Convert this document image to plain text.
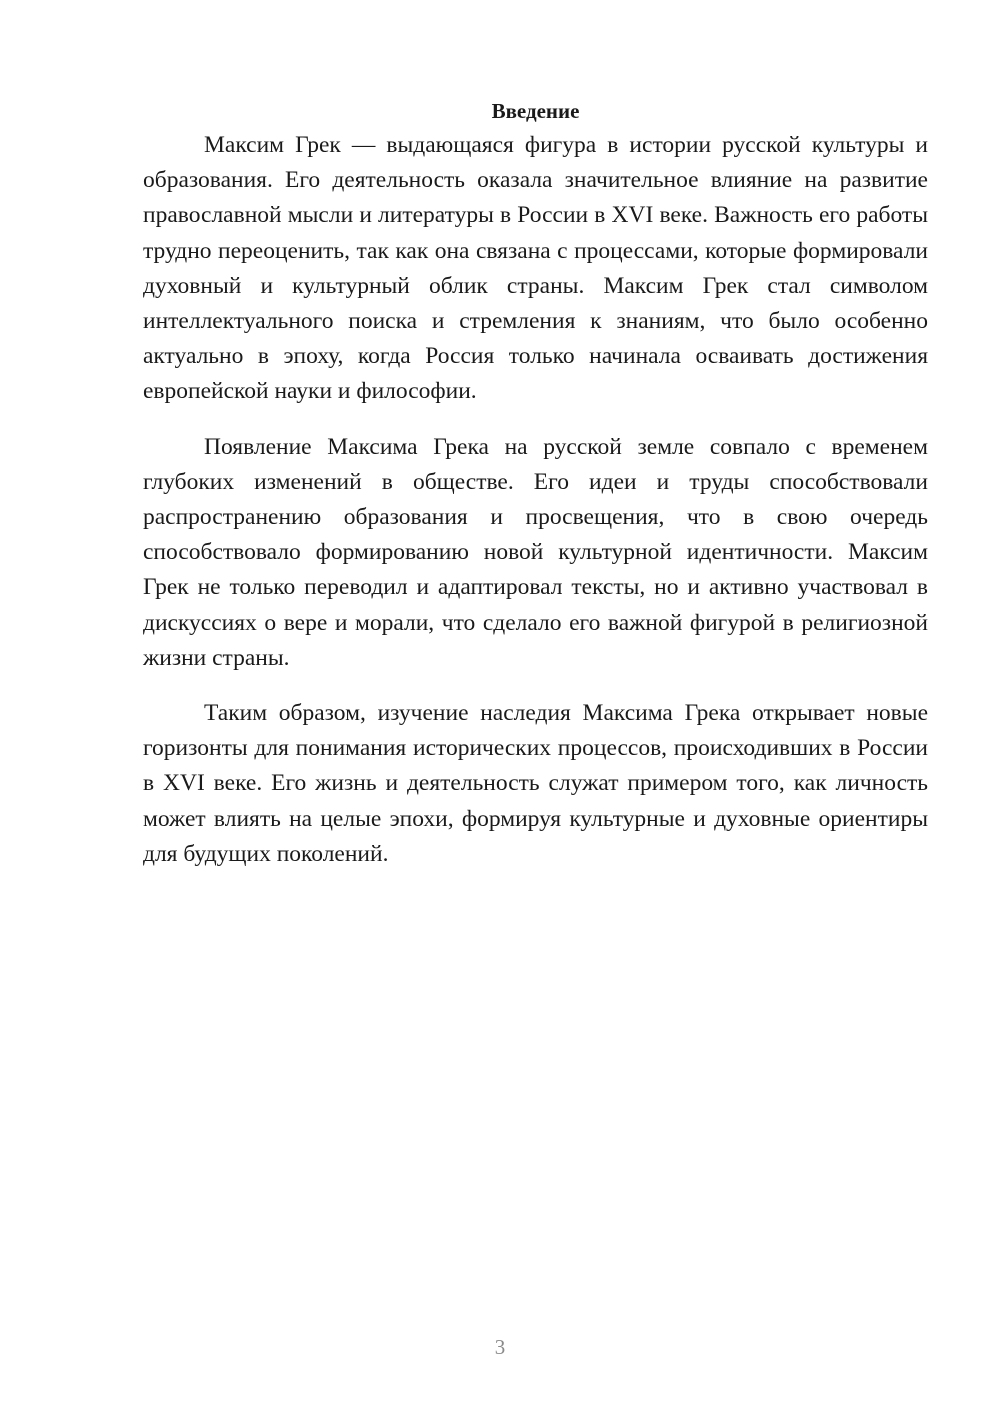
Введение

Максим Грек — выдающаяся фигура в истории русской культуры и образования. Его деятельность оказала значительное влияние на развитие православной мысли и литературы в России в XVI веке. Важность его работы трудно переоценить, так как она связана с процессами, которые формировали духовный и культурный облик страны. Максим Грек стал символом интеллектуального поиска и стремления к знаниям, что было особенно актуально в эпоху, когда Россия только начинала осваивать достижения европейской науки и философии.

Появление Максима Грека на русской земле совпало с временем глубоких изменений в обществе. Его идеи и труды способствовали распространению образования и просвещения, что в свою очередь способствовало формированию новой культурной идентичности. Максим Грек не только переводил и адаптировал тексты, но и активно участвовал в дискуссиях о вере и морали, что сделало его важной фигурой в религиозной жизни страны.

Таким образом, изучение наследия Максима Грека открывает новые горизонты для понимания исторических процессов, происходивших в России в XVI веке. Его жизнь и деятельность служат примером того, как личность может влиять на целые эпохи, формируя культурные и духовные ориентиры для будущих поколений.

3
